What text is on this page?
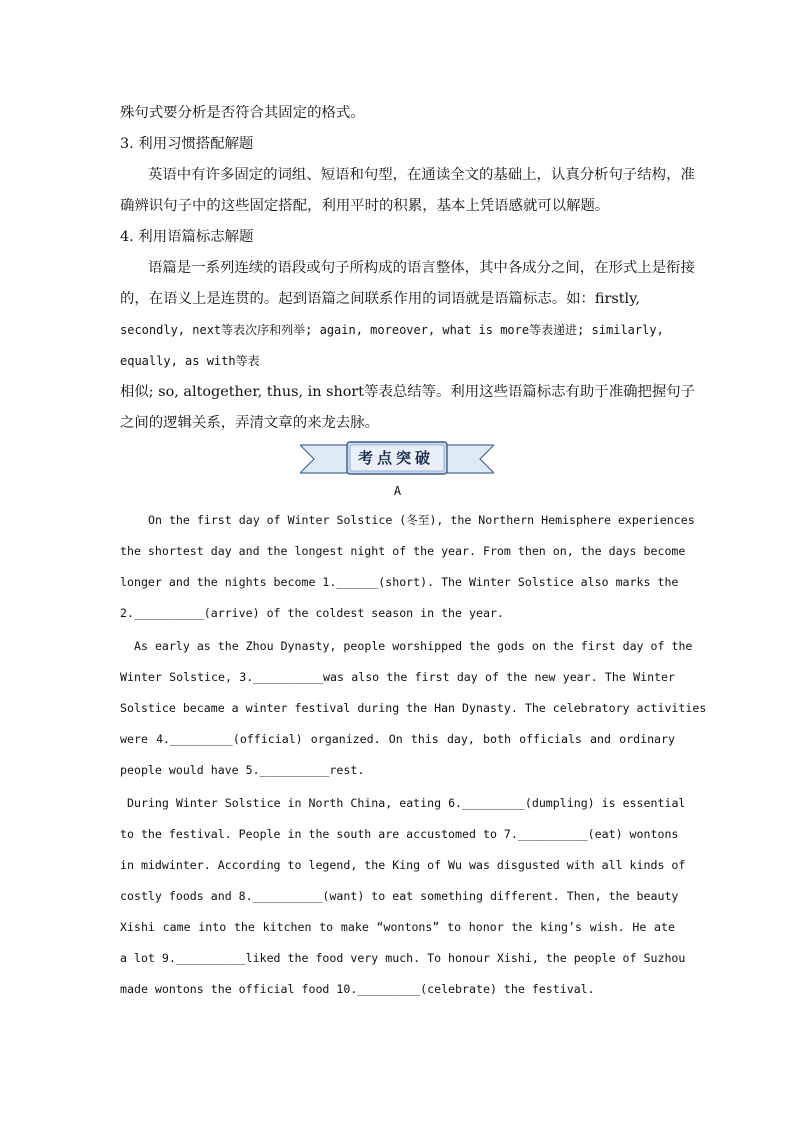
殊句式要分析是否符合其固定的格式。

3. 利用习惯搭配解题

英语中有许多固定的词组、短语和句型，在通读全文的基础上，认真分析句子结构，准

确辨识句子中的这些固定搭配，利用平时的积累，基本上凭语感就可以解题。

4. 利用语篇标志解题

语篇是一系列连续的语段或句子所构成的语言整体，其中各成分之间，在形式上是衔接

的，在语义上是连贯的。起到语篇之间联系作用的词语就是语篇标志。如：firstly,

secondly, next等表次序和列举; again, moreover, what is more等表递进; similarly,

equally, as with等表

相似; so, altogether, thus, in short等表总结等。利用这些语篇标志有助于准确把握句子

之间的逻辑关系，弄清文章的来龙去脉。

考点突破

A

On the first day of Winter Solstice (冬至), the Northern Hemisphere experiences

the shortest day and the longest night of the year. From then on, the days become

longer and the nights become 1.______(short). The Winter Solstice also marks the

2.__________(arrive) of the coldest season in the year.

As early as the Zhou Dynasty, people worshipped the gods on the first day of the

Winter Solstice, 3.__________was also the first day of the new year. The Winter

Solstice became a winter festival during the Han Dynasty. The celebratory activities

were 4._________(official) organized. On this day, both officials and ordinary

people would have 5.__________rest.

During Winter Solstice in North China, eating 6._________(dumpling) is essential

to the festival. People in the south are accustomed to 7.__________(eat) wontons

in midwinter. According to legend, the King of Wu was disgusted with all kinds of

costly foods and 8.__________(want) to eat something different. Then, the beauty

Xishi came into the kitchen to make “wontons” to honor the king’s wish. He ate

a lot 9.__________liked the food very much. To honour Xishi, the people of Suzhou

made wontons the official food 10._________(celebrate) the festival.
